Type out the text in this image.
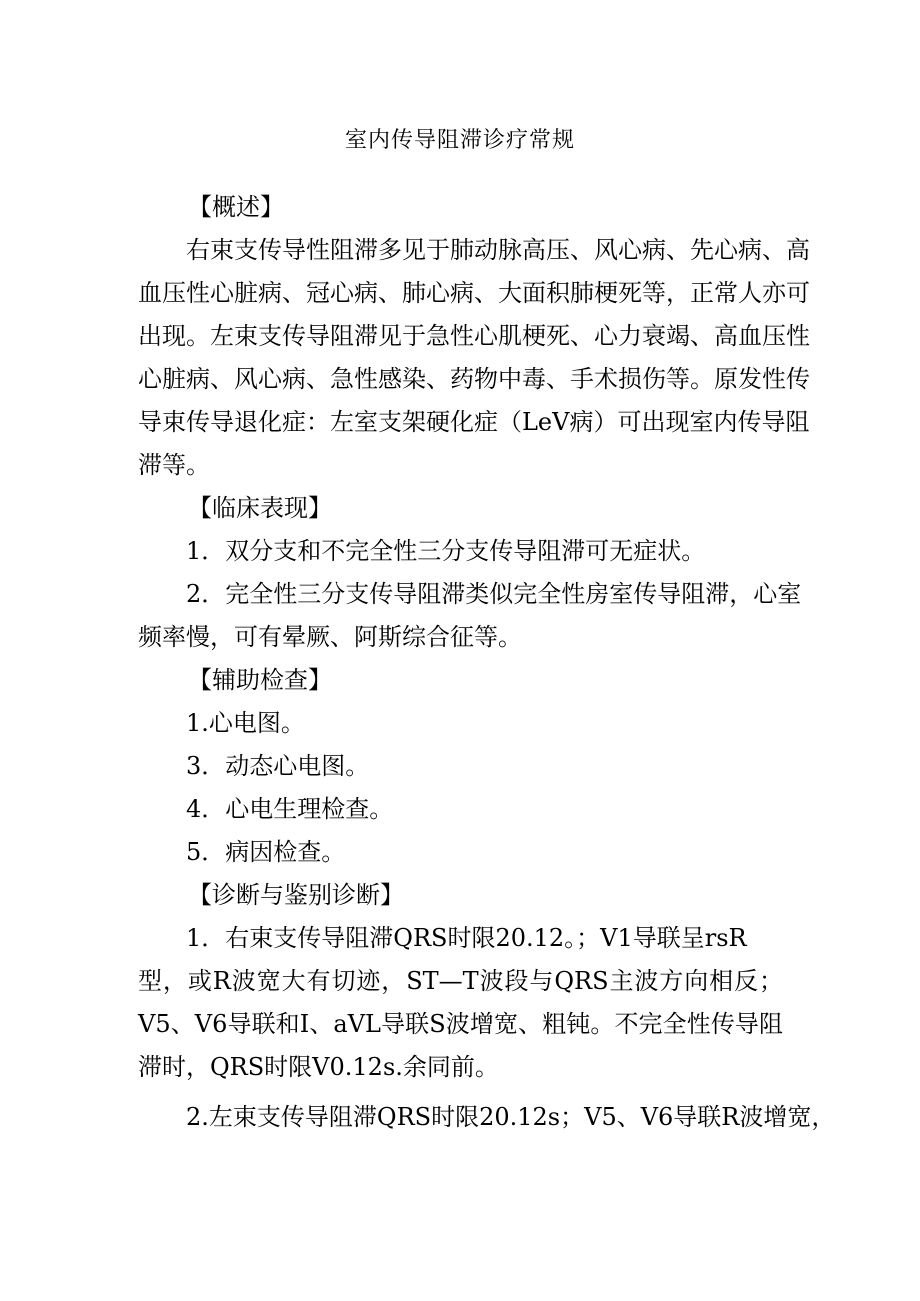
室内传导阻滞诊疗常规
【概述】
右束支传导性阻滞多见于肺动脉高压、风心病、先心病、高
血压性心脏病、冠心病、肺心病、大面积肺梗死等，正常人亦可
出现。左束支传导阻滞见于急性心肌梗死、心力衰竭、高血压性
心脏病、风心病、急性感染、药物中毒、手术损伤等。原发性传
导束传导退化症：左室支架硬化症（LeV病）可出现室内传导阻
滞等。
【临床表现】
1．双分支和不完全性三分支传导阻滞可无症状。
2．完全性三分支传导阻滞类似完全性房室传导阻滞，心室
频率慢，可有晕厥、阿斯综合征等。
【辅助检查】
1.心电图。
3．动态心电图。
4．心电生理检查。
5．病因检查。
【诊断与鉴别诊断】
1．右束支传导阻滞QRS时限20.12。；V1导联呈rsR
型，或R波宽大有切迹，ST—T波段与QRS主波方向相反；
V5、V6导联和I、aVL导联S波增宽、粗钝。不完全性传导阻
滞时，QRS时限V0.12s.余同前。
2.左束支传导阻滞QRS时限20.12s；V5、V6导联R波增宽，
